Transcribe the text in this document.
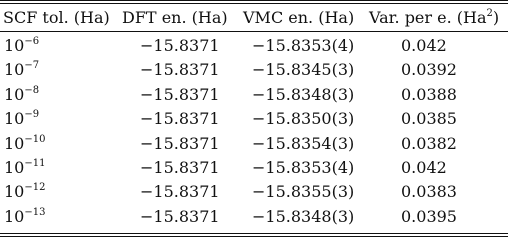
SCF tol. (Ha) DFT en. (Ha) VMC en. (Ha) Var. per e. (Ha$^2$)
$10^{-6}$	−15.8371 −15.8353(4)	0.042
$10^{-7}$	−15.8371 −15.8345(3)	0.0392
$10^{-8}$	−15.8371 −15.8348(3)	0.0388
$10^{-9}$	−15.8371 −15.8350(3)	0.0385
$10^{-10}$	−15.8371 −15.8354(3)	0.0382
$10^{-11}$	−15.8371 −15.8353(4)	0.042
$10^{-12}$	−15.8371 −15.8355(3)	0.0383
$10^{-13}$	−15.8371 −15.8348(3)	0.0395
